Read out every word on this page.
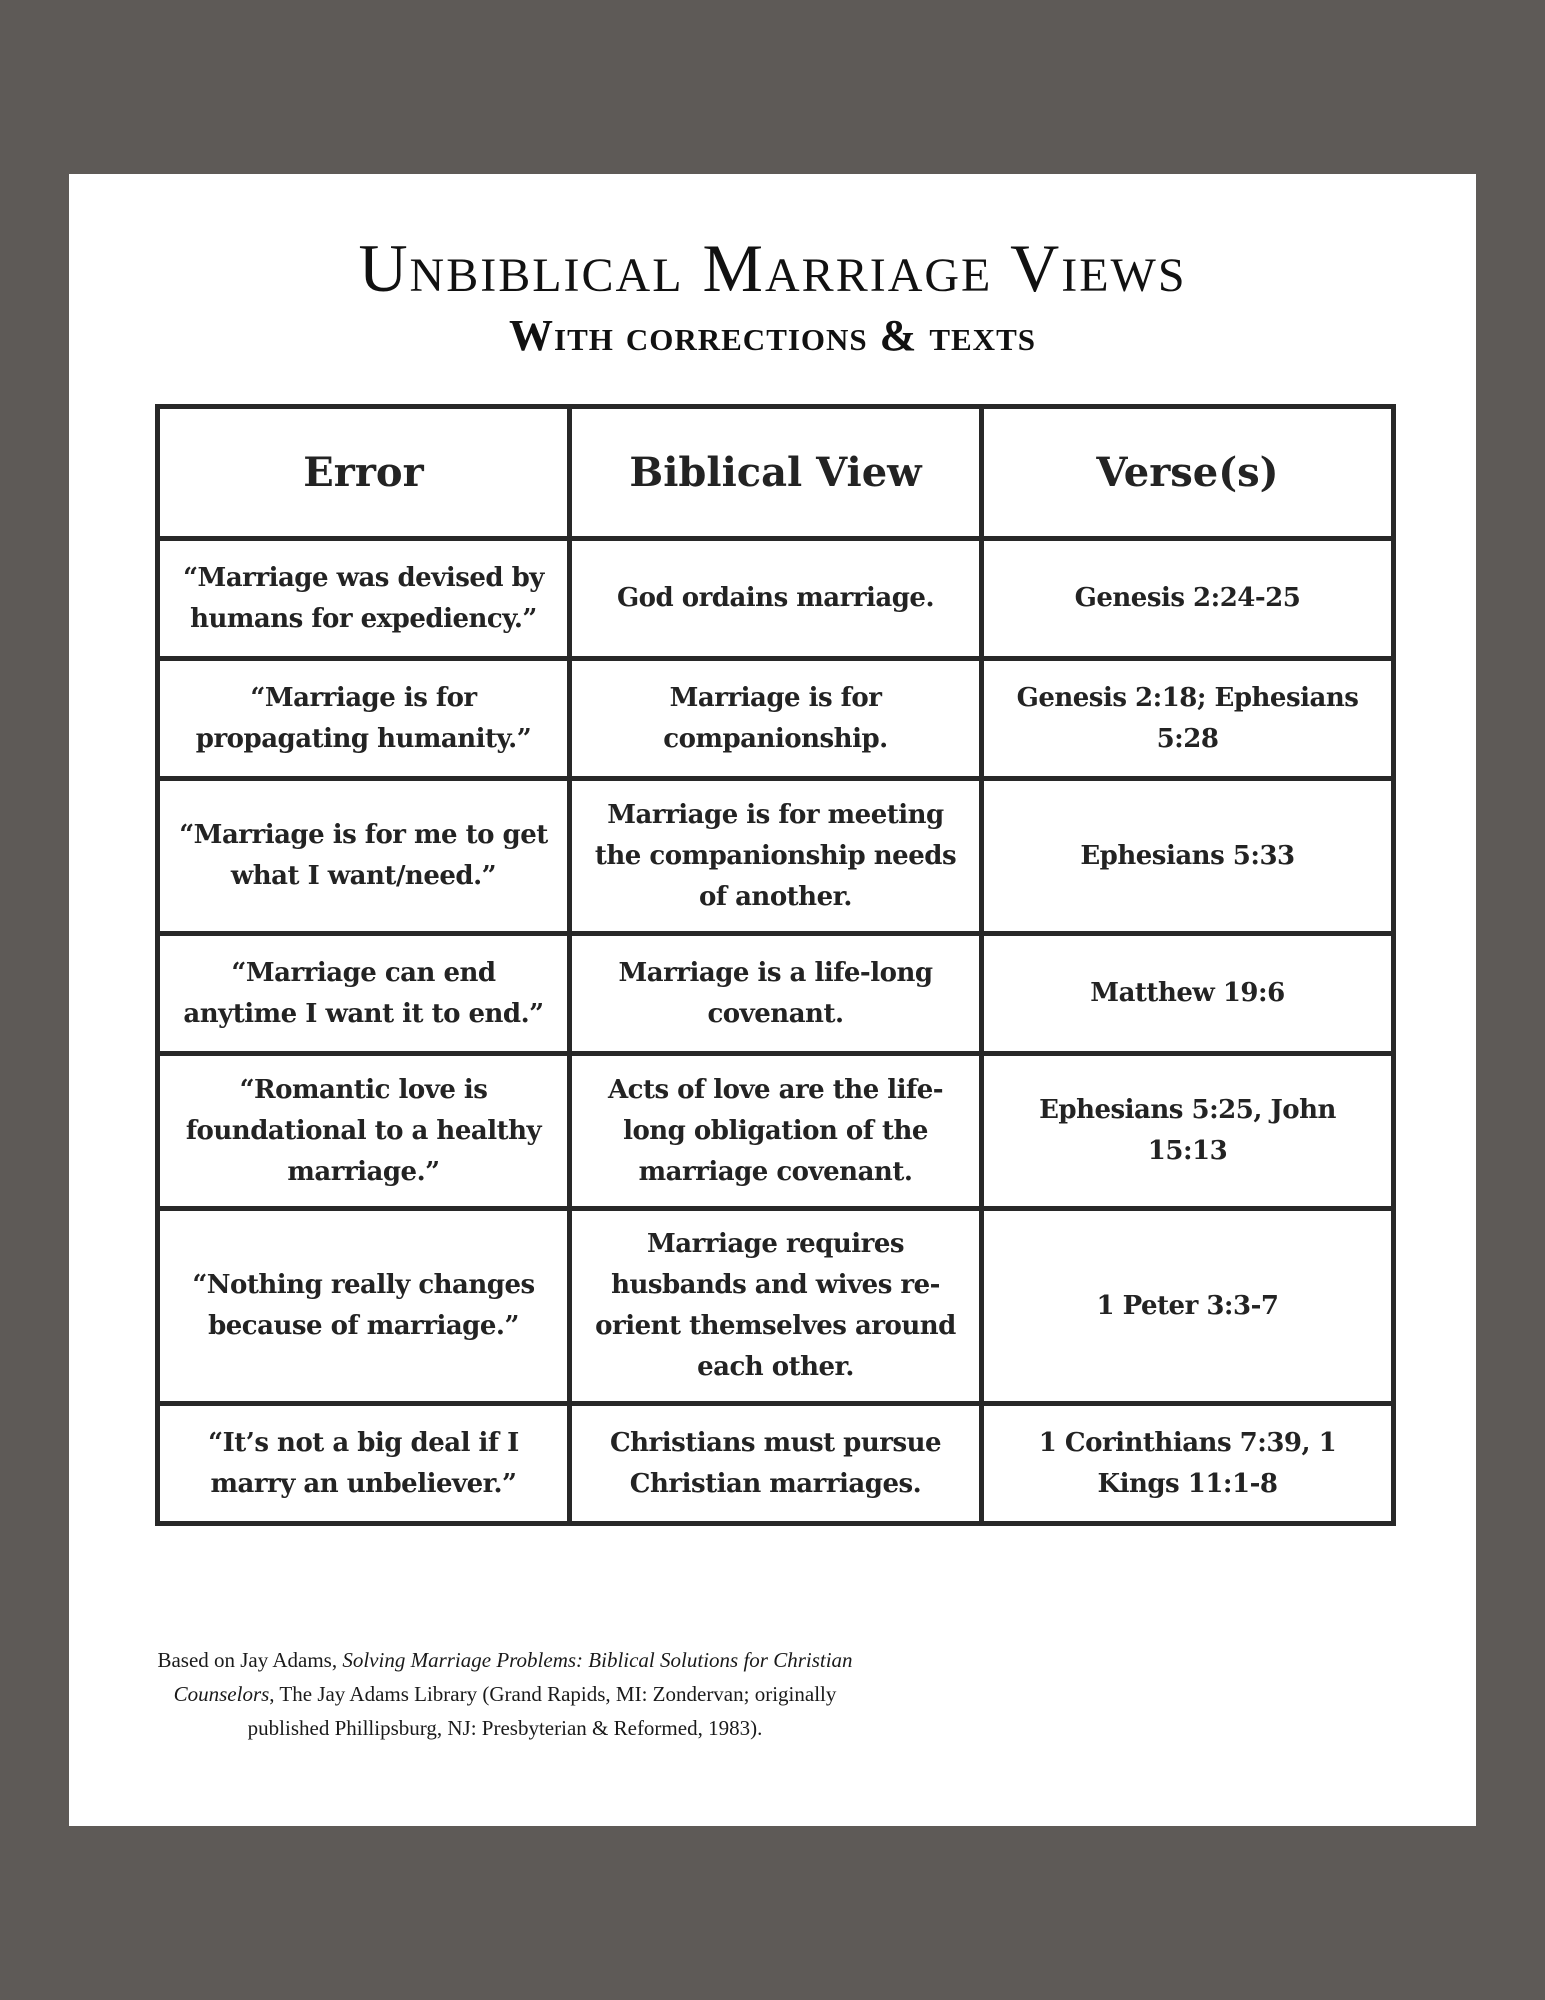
Unbiblical Marriage Views
With corrections & texts
Error	Biblical View	Verse(s)
“Marriage was devised by humans for expediency.”	God ordains marriage.	Genesis 2:24-25
“Marriage is for propagating humanity.”	Marriage is for companionship.	Genesis 2:18; Ephesians 5:28
“Marriage is for me to get what I want/need.”	Marriage is for meeting the companionship needs of another.	Ephesians 5:33
“Marriage can end anytime I want it to end.”	Marriage is a life-long covenant.	Matthew 19:6
“Romantic love is foundational to a healthy marriage.”	Acts of love are the life-long obligation of the marriage covenant.	Ephesians 5:25, John 15:13
“Nothing really changes because of marriage.”	Marriage requires husbands and wives re-orient themselves around each other.	1 Peter 3:3-7
“It’s not a big deal if I marry an unbeliever.”	Christians must pursue Christian marriages.	1 Corinthians 7:39, 1 Kings 11:1-8

Based on Jay Adams, Solving Marriage Problems: Biblical Solutions for Christian Counselors, The Jay Adams Library (Grand Rapids, MI: Zondervan; originally published Phillipsburg, NJ: Presbyterian & Reformed, 1983).
